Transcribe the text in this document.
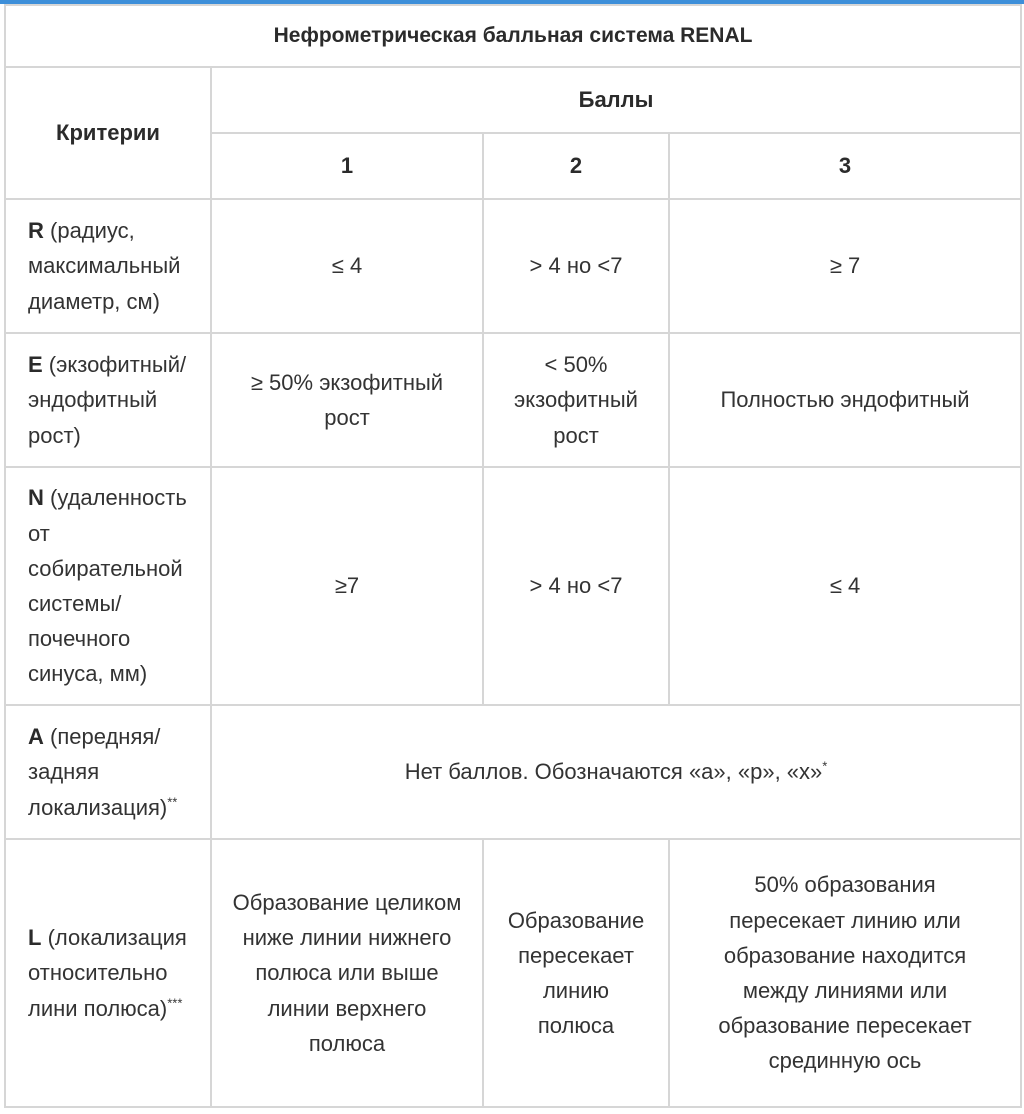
Нефрометрическая балльная система RENAL			
Критерии	Баллы		
	1	2	3
R (радиус, максимальный диаметр, см)	≤ 4	> 4 но <7	≥ 7
E (экзофитный/ эндофитный рост)	≥ 50% экзофитный рост	< 50% экзофитный рост	Полностью эндофитный
N (удаленность от собирательной системы/ почечного синуса, мм)	≥7	> 4 но <7	≤ 4
A (передняя/ задняя локализация)**	Нет баллов. Обозначаются «а», «р», «х»*
L (локализация относительно лини полюса)***	Образование целиком ниже линии нижнего полюса или выше линии верхнего полюса	Образование пересекает линию полюса	50% образования пересекает линию или образование находится между линиями или образование пересекает срединную ось
